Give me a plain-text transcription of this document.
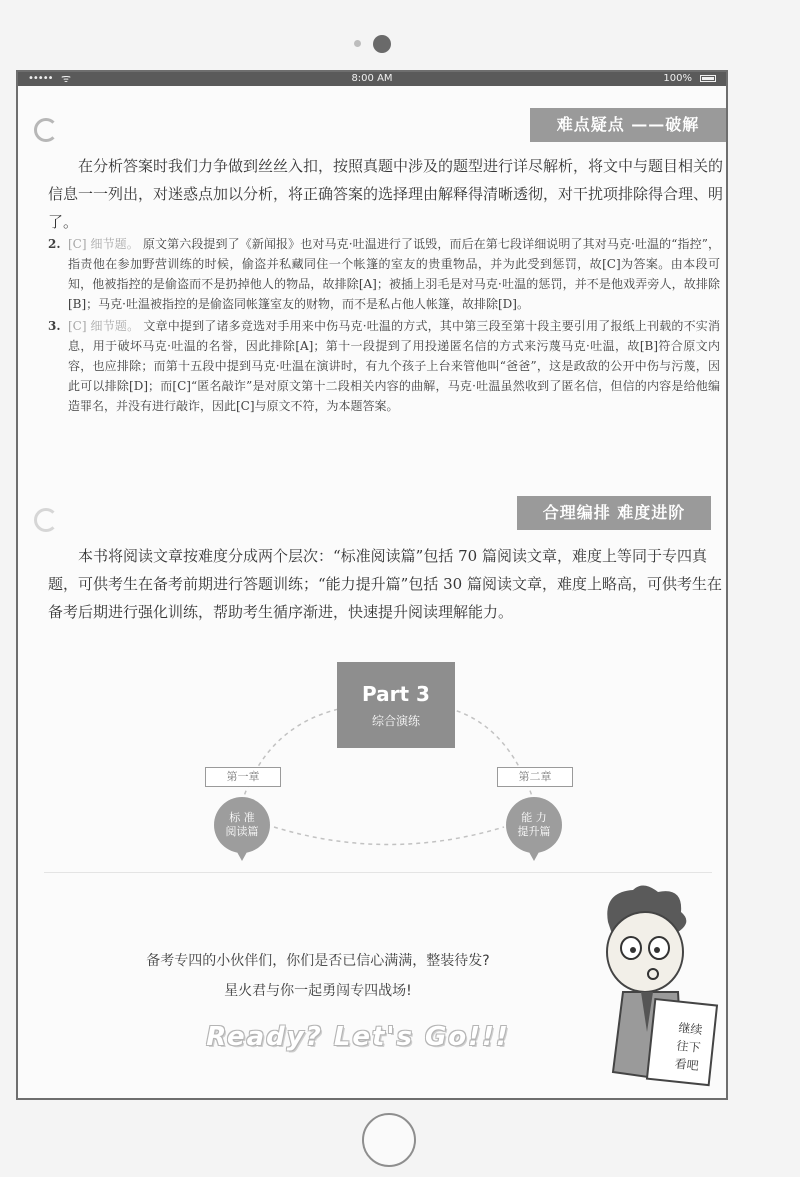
••••• ᯤ	8:00 AM	100%
难点疑点 ——破解

在分析答案时我们力争做到丝丝入扣，按照真题中涉及的题型进行详尽解析，将文中与题目相关的信息一一列出，对迷惑点加以分析，将正确答案的选择理由解释得清晰透彻，对干扰项排除得合理、明了。

2. [C] 细节题。 原文第六段提到了《新闻报》也对马克·吐温进行了诋毁，而后在第七段详细说明了其对马克·吐温的“指控”，指责他在参加野营训练的时候，偷盗并私藏同住一个帐篷的室友的贵重物品，并为此受到惩罚，故[C]为答案。由本段可知，他被指控的是偷盗而不是扔掉他人的物品，故排除[A]；被插上羽毛是对马克·吐温的惩罚，并不是他戏弄旁人，故排除[B]；马克·吐温被指控的是偷盗同帐篷室友的财物，而不是私占他人帐篷，故排除[D]。
3. [C] 细节题。 文章中提到了诸多竞选对手用来中伤马克·吐温的方式，其中第三段至第十段主要引用了报纸上刊载的不实消息，用于破坏马克·吐温的名誉，因此排除[A]；第十一段提到了用投递匿名信的方式来污蔑马克·吐温，故[B]符合原文内容，也应排除；而第十五段中提到马克·吐温在演讲时，有九个孩子上台来管他叫“爸爸”，这是政敌的公开中伤与污蔑，因此可以排除[D]；而[C]“匿名敲诈”是对原文第十二段相关内容的曲解，马克·吐温虽然收到了匿名信，但信的内容是给他编造罪名，并没有进行敲诈，因此[C]与原文不符，为本题答案。
合理编排 难度进阶

本书将阅读文章按难度分成两个层次：“标准阅读篇”包括 70 篇阅读文章，难度上等同于专四真题，可供考生在备考前期进行答题训练；“能力提升篇”包括 30 篇阅读文章，难度上略高，可供考生在备考后期进行强化训练，帮助考生循序渐进，快速提升阅读理解能力。

Part 3
综合演练
第一章	第二章
标 准
阅读篇
能 力
提升篇
备考专四的小伙伴们，你们是否已信心满满，整装待发?
星火君与你一起勇闯专四战场!
Ready? Let's Go!!!	继续
往下
看吧
